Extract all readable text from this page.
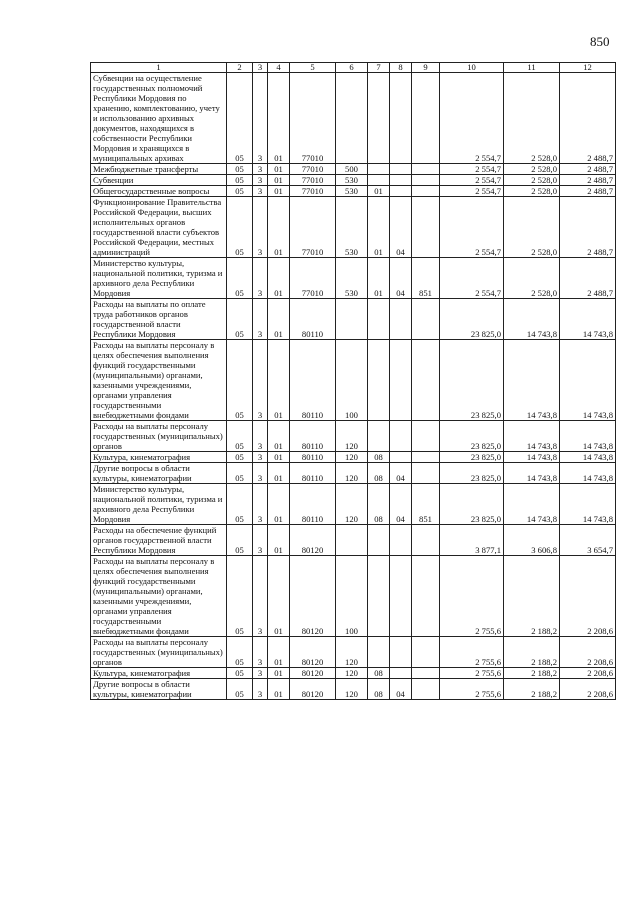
850
1	2	3	4	5	6	7	8	9	10	11	12
Субвенции на осуществление государственных полномочий Республики Мордовия по хранению, комплектованию, учету и использованию архивных документов, находящихся в собственности Республики Мордовия и хранящихся в муниципальных архивах	05	3	01	77010					2 554,7	2 528,0	2 488,7
Межбюджетные трансферты	05	3	01	77010	500				2 554,7	2 528,0	2 488,7
Субвенции	05	3	01	77010	530				2 554,7	2 528,0	2 488,7
Общегосударственные вопросы	05	3	01	77010	530	01			2 554,7	2 528,0	2 488,7
Функционирование Правительства Российской Федерации, высших исполнительных органов государственной власти субъектов Российской Федерации, местных администраций	05	3	01	77010	530	01	04		2 554,7	2 528,0	2 488,7
Министерство культуры, национальной политики, туризма и архивного дела Республики Мордовия	05	3	01	77010	530	01	04	851	2 554,7	2 528,0	2 488,7
Расходы на выплаты по оплате труда работников органов государственной власти Республики Мордовия	05	3	01	80110					23 825,0	14 743,8	14 743,8
Расходы на выплаты персоналу в целях обеспечения выполнения функций государственными (муниципальными) органами, казенными учреждениями, органами управления государственными внебюджетными фондами	05	3	01	80110	100				23 825,0	14 743,8	14 743,8
Расходы на выплаты персоналу государственных (муниципальных) органов	05	3	01	80110	120				23 825,0	14 743,8	14 743,8
Культура, кинематография	05	3	01	80110	120	08			23 825,0	14 743,8	14 743,8
Другие вопросы в области культуры, кинематографии	05	3	01	80110	120	08	04		23 825,0	14 743,8	14 743,8
Министерство культуры, национальной политики, туризма и архивного дела Республики Мордовия	05	3	01	80110	120	08	04	851	23 825,0	14 743,8	14 743,8
Расходы на обеспечение функций органов государственной власти Республики Мордовия	05	3	01	80120					3 877,1	3 606,8	3 654,7
Расходы на выплаты персоналу в целях обеспечения выполнения функций государственными (муниципальными) органами, казенными учреждениями, органами управления государственными внебюджетными фондами	05	3	01	80120	100				2 755,6	2 188,2	2 208,6
Расходы на выплаты персоналу государственных (муниципальных) органов	05	3	01	80120	120				2 755,6	2 188,2	2 208,6
Культура, кинематография	05	3	01	80120	120	08			2 755,6	2 188,2	2 208,6
Другие вопросы в области культуры, кинематографии	05	3	01	80120	120	08	04		2 755,6	2 188,2	2 208,6
